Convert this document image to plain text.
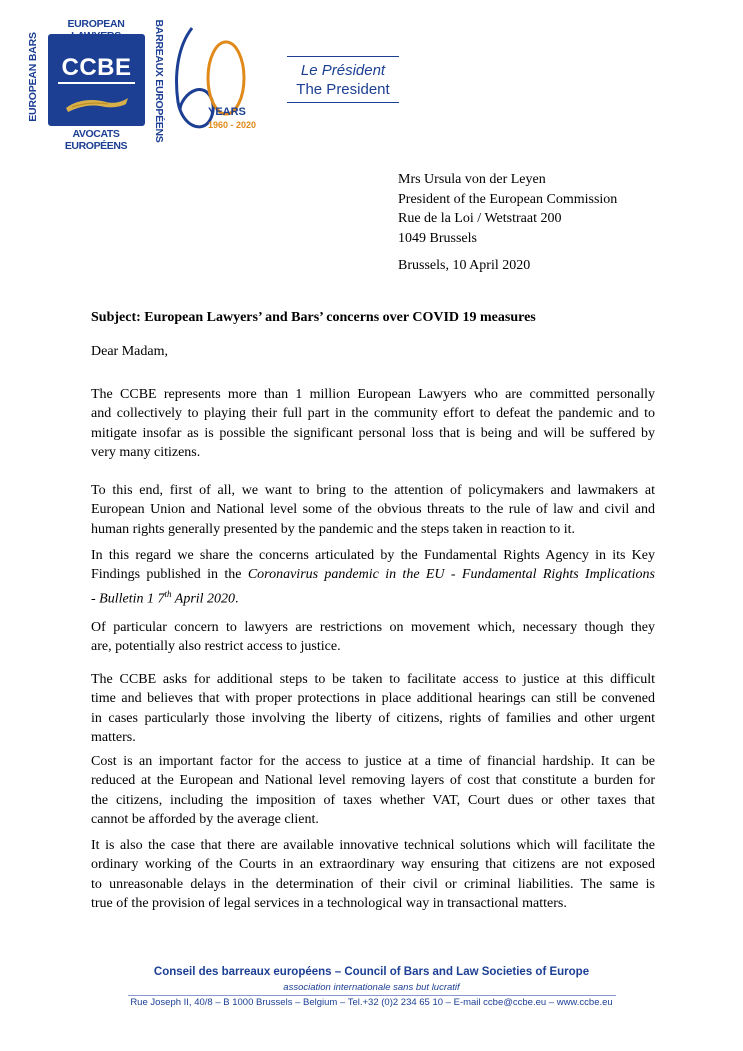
EUROPEAN BARS
EUROPEAN
CCBE
AVOCATS EUROPÉENS
BARREAUX EUROPÉENS	YEARS
1960 - 2020
Le Président
The President
Mrs Ursula von der Leyen
President of the European Commission
Rue de la Loi / Wetstraat 200
1049 Brussels
Brussels, 10 April 2020
Subject: European Lawyers’ and Bars’ concerns over COVID 19 measures
Dear Madam,
The CCBE represents more than 1 million European Lawyers who are committed personally
and collectively to playing their full part in the community effort to defeat the pandemic and to
mitigate insofar as is possible the significant personal loss that is being and will be suffered by
very many citizens.
To this end, first of all, we want to bring to the attention of policymakers and lawmakers at
European Union and National level some of the obvious threats to the rule of law and civil and
human rights generally presented by the pandemic and the steps taken in reaction to it.
In this regard we share the concerns articulated by the Fundamental Rights Agency in its Key
Findings published in the Coronavirus pandemic in the EU - Fundamental Rights Implications
- Bulletin 1 7th April 2020.
Of particular concern to lawyers are restrictions on movement which, necessary though they
are, potentially also restrict access to justice.
The CCBE asks for additional steps to be taken to facilitate access to justice at this difficult
time and believes that with proper protections in place additional hearings can still be convened
in cases particularly those involving the liberty of citizens, rights of families and other urgent
matters.
Cost is an important factor for the access to justice at a time of financial hardship. It can be
reduced at the European and National level removing layers of cost that constitute a burden for
the citizens, including the imposition of taxes whether VAT, Court dues or other taxes that
cannot be afforded by the average client.
It is also the case that there are available innovative technical solutions which will facilitate the
ordinary working of the Courts in an extraordinary way ensuring that citizens are not exposed
to unreasonable delays in the determination of their civil or criminal liabilities. The same is
true of the provision of legal services in a technological way in transactional matters.
Conseil des barreaux européens – Council of Bars and Law Societies of Europe
association internationale sans but lucratif
Rue Joseph II, 40/8 – B 1000 Brussels – Belgium – Tel.+32 (0)2 234 65 10 – E-mail ccbe@ccbe.eu – www.ccbe.eu
